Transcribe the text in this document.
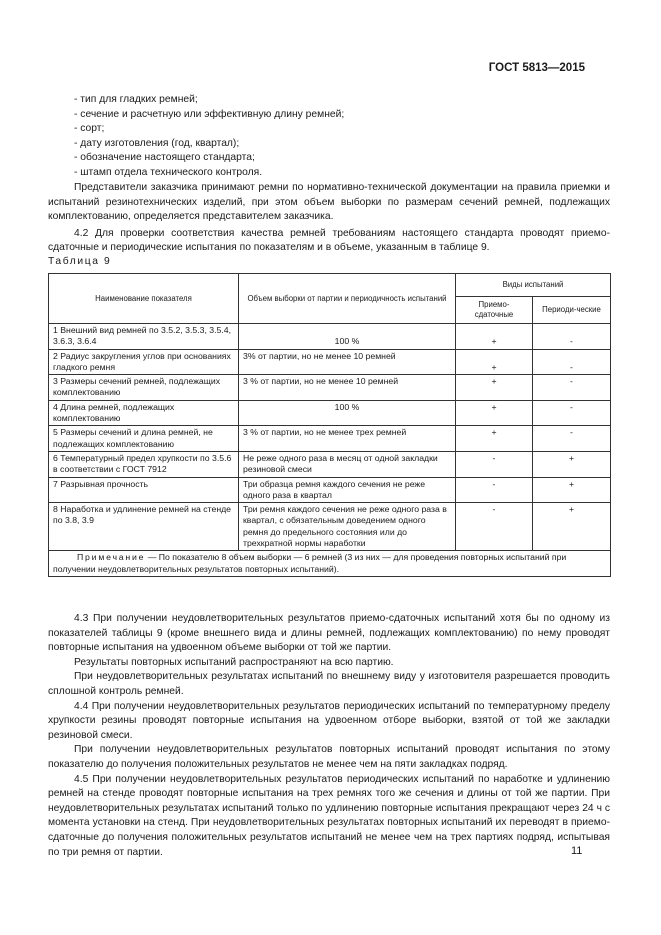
ГОСТ 5813—2015

- тип для гладких ремней;

- сечение и расчетную или эффективную длину ремней;

- сорт;

- дату изготовления (год, квартал);

- обозначение настоящего стандарта;

- штамп отдела технического контроля.

Представители заказчика принимают ремни по нормативно-технической документации на правила приемки и испытаний резинотехнических изделий, при этом объем выборки по размерам сечений ремней, подлежащих комплектованию, определяется представителем заказчика.

4.2 Для проверки соответствия качества ремней требованиям настоящего стандарта проводят приемо-сдаточные и периодические испытания по показателям и в объеме, указанным в таблице 9.

Таблица 9
Наименование показателя	Объем выборки от партии и периодичность испытаний	Виды испытаний	
		Приемо-сдаточные	Периоди-ческие
1 Внешний вид ремней по 3.5.2, 3.5.3, 3.5.4, 3.6.3, 3.6.4	100 %	+	-
2 Радиус закругления углов при основаниях гладкого ремня	3% от партии, но не менее 10 ремней	+	-
3 Размеры сечений ремней, подлежащих комплектованию	3 % от партии, но не менее 10 ремней	+	-
4 Длина ремней, подлежащих комплектованию	100 %	+	-
5 Размеры сечений и длина ремней, не подлежащих комплектованию	3 % от партии, но не менее трех ремней	+	-
6 Температурный предел хрупкости по 3.5.6 в соответствии с ГОСТ 7912	Не реже одного раза в месяц от одной закладки резиновой смеси	-	+
7 Разрывная прочность	Три образца ремня каждого сечения не реже одного раза в квартал	-	+
8 Наработка и удлинение ремней на стенде по 3.8, 3.9	Три ремня каждого сечения не реже одного раза в квартал, с обязательным доведением одного ремня до предельного состояния или до трехкратной нормы наработки	-	+
Примечание — По показателю 8 объем выборки — 6 ремней (3 из них — для проведения повторных испытаний при получении неудовлетворительных результатов повторных испытаний).			

4.3 При получении неудовлетворительных результатов приемо-сдаточных испытаний хотя бы по одному из показателей таблицы 9 (кроме внешнего вида и длины ремней, подлежащих комплектованию) по нему проводят повторные испытания на удвоенном объеме выборки от той же партии.

Результаты повторных испытаний распространяют на всю партию.

При неудовлетворительных результатах испытаний по внешнему виду у изготовителя разрешается проводить сплошной контроль ремней.

4.4 При получении неудовлетворительных результатов периодических испытаний по температурному пределу хрупкости резины проводят повторные испытания на удвоенном отборе выборки, взятой от той же закладки резиновой смеси.

При получении неудовлетворительных результатов повторных испытаний проводят испытания по этому показателю до получения положительных результатов не менее чем на пяти закладках подряд.

4.5 При получении неудовлетворительных результатов периодических испытаний по наработке и удлинению ремней на стенде проводят повторные испытания на трех ремнях того же сечения и длины от той же партии. При неудовлетворительных результатах испытаний только по удлинению повторные испытания прекращают через 24 ч с момента установки на стенд. При неудовлетворительных результатах повторных испытаний их переводят в приемо-сдаточные до получения положительных результатов испытаний не менее чем на трех партиях подряд, испытывая по три ремня от партии.	11
